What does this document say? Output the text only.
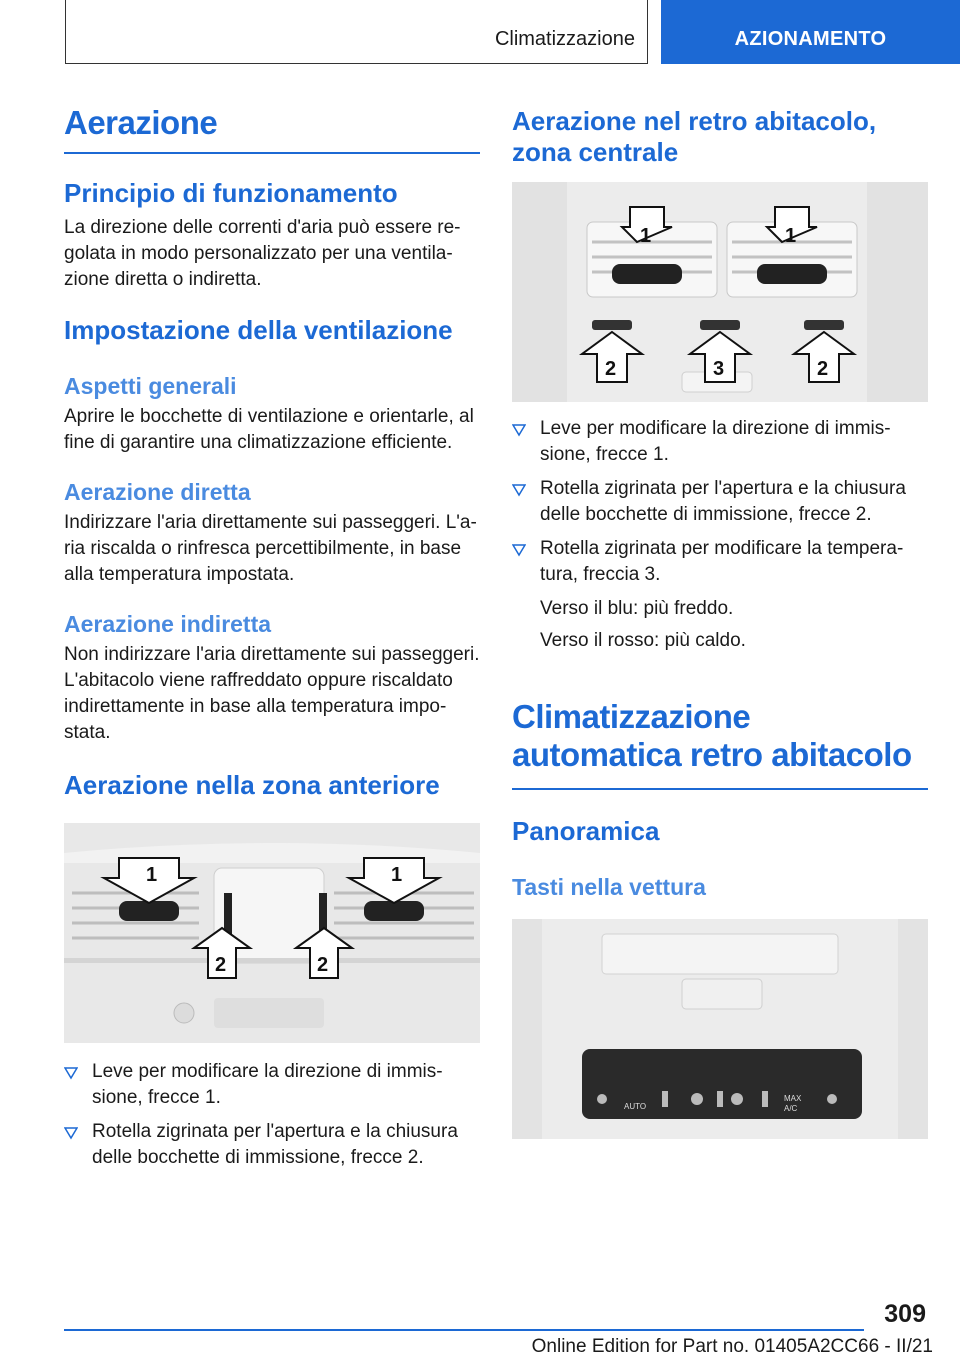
Climatizzazione	AZIONAMENTO
Aerazione
Principio di funzionamento

La direzione delle correnti d'aria può essere re-golata in modo personalizzato per una ventila-zione diretta o indiretta.

Impostazione della ventilazione
Aspetti generali

Aprire le bocchette di ventilazione e orientarle, al fine di garantire una climatizzazione efficiente.

Aerazione diretta

Indirizzare l'aria direttamente sui passeggeri. L'a-ria riscalda o rinfresca percettibilmente, in base alla temperatura impostata.

Aerazione indiretta

Non indirizzare l'aria direttamente sui passeggeri. L'abitacolo viene raffreddato oppure riscaldato indirettamente in base alla temperatura impo-stata.

Aerazione nella zona anteriore
1	1
2	2
Leve per modificare la direzione di immis-sione, frecce 1.
Rotella zigrinata per l'apertura e la chiusura delle bocchette di immissione, frecce 2.
Aerazione nel retro abitacolo, zona centrale
1	1
2	3	2
Leve per modificare la direzione di immis-sione, frecce 1.
Rotella zigrinata per l'apertura e la chiusura delle bocchette di immissione, frecce 2.
Rotella zigrinata per modificare la tempera-tura, freccia 3.
Verso il blu: più freddo.
Verso il rosso: più caldo.
Climatizzazione automatica retro abitacolo
Panoramica
Tasti nella vettura
AUTO
MAX
A/C
309
Online Edition for Part no. 01405A2CC66 - II/21
